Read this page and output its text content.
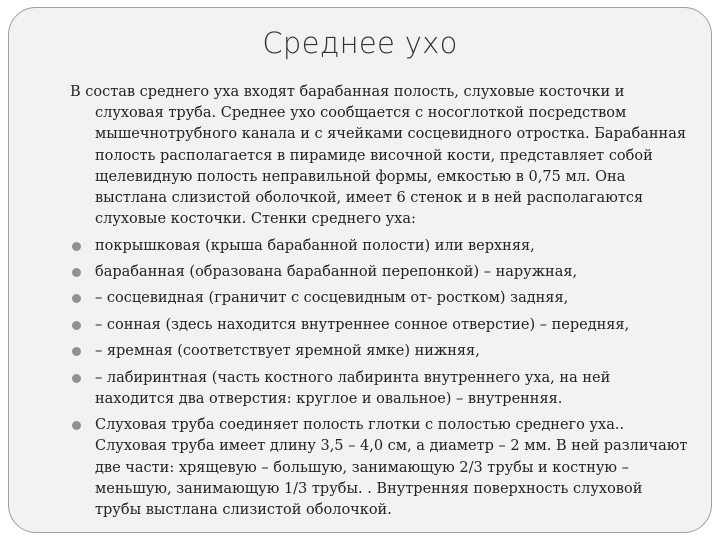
Среднее ухо

В состав среднего уха входят барабанная полость, слуховые косточки и слуховая труба. Среднее ухо сообщается с носоглоткой посредством мышечнотрубного канала и с ячейками сосцевидного отростка. Барабанная полость располагается в пирамиде височной кости, представляет собой щелевидную полость неправильной формы, емкостью в 0,75 мл. Она выстлана слизистой оболочкой, имеет 6 стенок и в ней располагаются слуховые косточки. Стенки среднего уха:

покрышковая (крыша барабанной полости) или верхняя,
барабанная (образована барабанной перепонкой) – наружная,
– сосцевидная (граничит с сосцевидным от- ростком) задняя,
– сонная (здесь находится внутреннее сонное отверстие) – передняя,
– яремная (соответствует яремной ямке) нижняя,
– лабиринтная (часть костного лабиринта внутреннего уха, на ней находится два отверстия: круглое и овальное) – внутренняя.
Слуховая труба соединяет полость глотки с полостью среднего уха.. Слуховая труба имеет длину 3,5 – 4,0 см, а диаметр – 2 мм. В ней различают две части: хрящевую – большую, занимающую 2/3 трубы и костную – меньшую, занимающую 1/3 трубы. . Внутренняя поверхность слуховой трубы выстлана слизистой оболочкой.
